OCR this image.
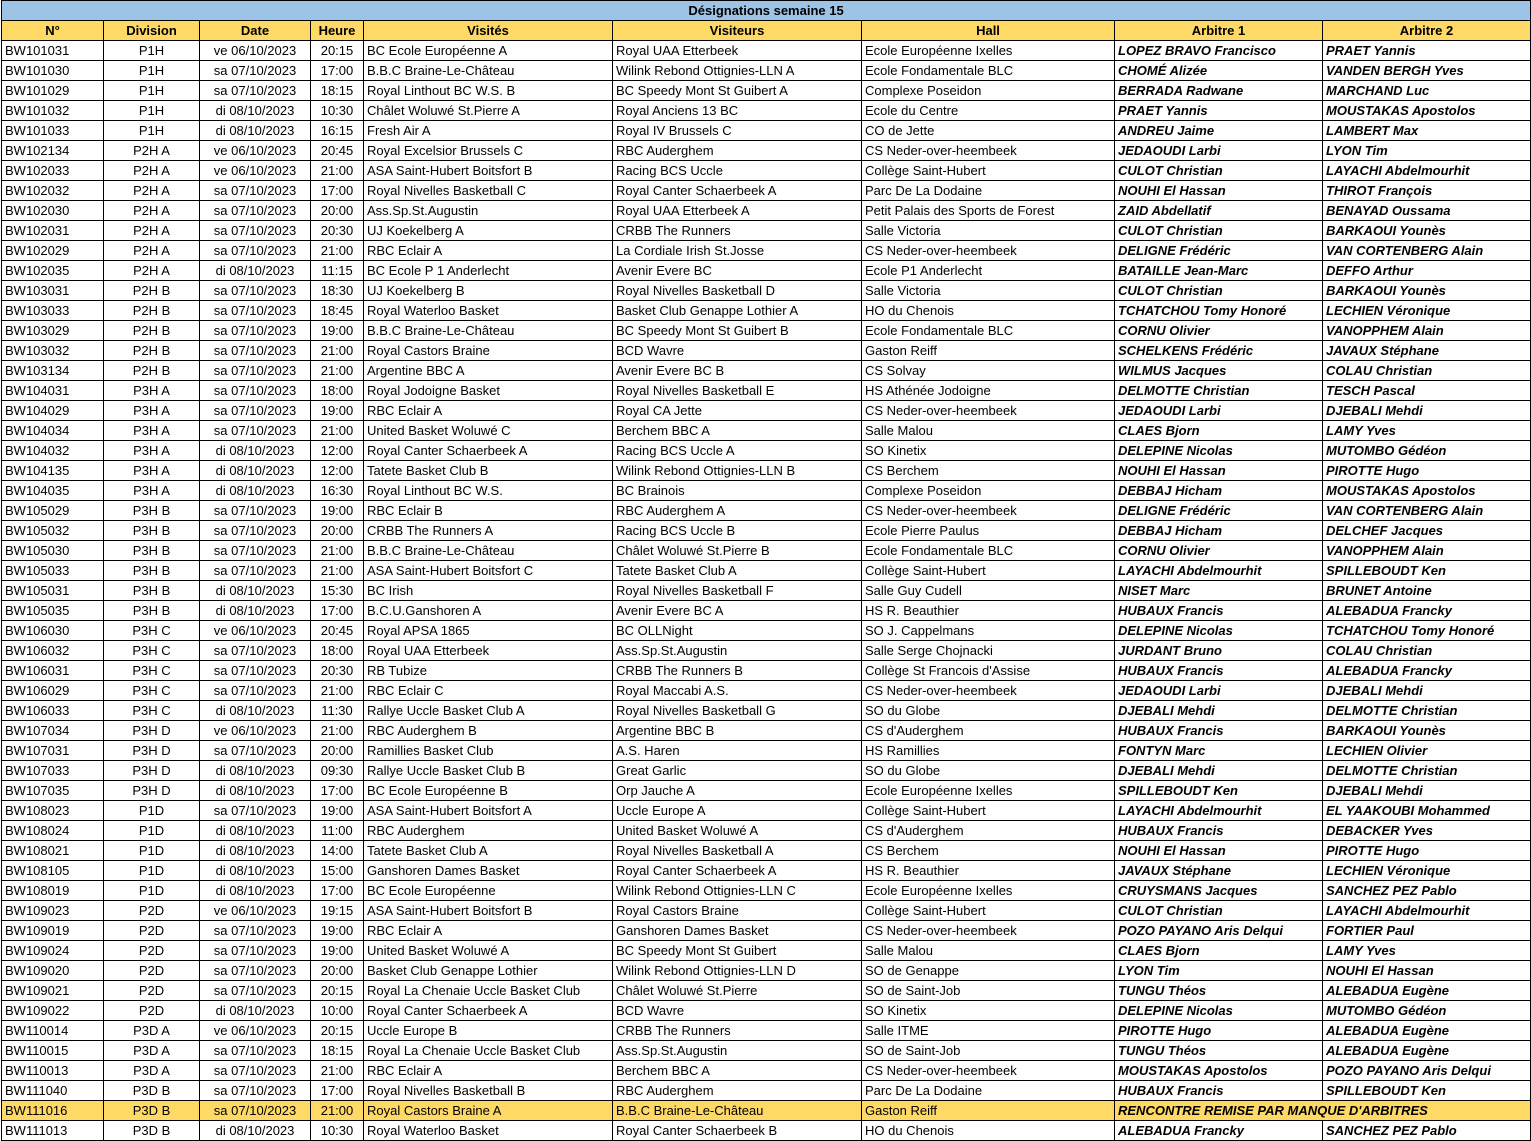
Désignations semaine 15								
N°	Division	Date	Heure	Visités	Visiteurs	Hall	Arbitre 1	Arbitre 2
BW101031	P1H	ve 06/10/2023	20:15	BC Ecole Européenne A	Royal UAA Etterbeek	Ecole Européenne Ixelles	LOPEZ BRAVO Francisco	PRAET Yannis
BW101030	P1H	sa 07/10/2023	17:00	B.B.C Braine-Le-Château	Wilink Rebond Ottignies-LLN A	Ecole Fondamentale BLC	CHOMÉ Alizée	VANDEN BERGH Yves
BW101029	P1H	sa 07/10/2023	18:15	Royal Linthout BC W.S. B	BC Speedy Mont St Guibert A	Complexe Poseidon	BERRADA Radwane	MARCHAND Luc
BW101032	P1H	di 08/10/2023	10:30	Châlet Woluwé St.Pierre A	Royal Anciens 13 BC	Ecole du Centre	PRAET Yannis	MOUSTAKAS Apostolos
BW101033	P1H	di 08/10/2023	16:15	Fresh Air A	Royal IV Brussels C	CO de Jette	ANDREU Jaime	LAMBERT Max
BW102134	P2H A	ve 06/10/2023	20:45	Royal Excelsior Brussels C	RBC Auderghem	CS Neder-over-heembeek	JEDAOUDI Larbi	LYON Tim
BW102033	P2H A	ve 06/10/2023	21:00	ASA Saint-Hubert Boitsfort B	Racing BCS Uccle	Collège Saint-Hubert	CULOT Christian	LAYACHI Abdelmourhit
BW102032	P2H A	sa 07/10/2023	17:00	Royal Nivelles Basketball C	Royal Canter Schaerbeek A	Parc De La Dodaine	NOUHI El Hassan	THIROT François
BW102030	P2H A	sa 07/10/2023	20:00	Ass.Sp.St.Augustin	Royal UAA Etterbeek A	Petit Palais des Sports de Forest	ZAID Abdellatif	BENAYAD Oussama
BW102031	P2H A	sa 07/10/2023	20:30	UJ Koekelberg A	CRBB The Runners	Salle Victoria	CULOT Christian	BARKAOUI Younès
BW102029	P2H A	sa 07/10/2023	21:00	RBC Eclair A	La Cordiale Irish St.Josse	CS Neder-over-heembeek	DELIGNE Frédéric	VAN CORTENBERG Alain
BW102035	P2H A	di 08/10/2023	11:15	BC Ecole P 1 Anderlecht	Avenir Evere BC	Ecole P1 Anderlecht	BATAILLE Jean-Marc	DEFFO Arthur
BW103031	P2H B	sa 07/10/2023	18:30	UJ Koekelberg B	Royal Nivelles Basketball D	Salle Victoria	CULOT Christian	BARKAOUI Younès
BW103033	P2H B	sa 07/10/2023	18:45	Royal Waterloo Basket	Basket Club Genappe Lothier A	HO du Chenois	TCHATCHOU Tomy Honoré	LECHIEN Véronique
BW103029	P2H B	sa 07/10/2023	19:00	B.B.C Braine-Le-Château	BC Speedy Mont St Guibert B	Ecole Fondamentale BLC	CORNU Olivier	VANOPPHEM Alain
BW103032	P2H B	sa 07/10/2023	21:00	Royal Castors Braine	BCD Wavre	Gaston Reiff	SCHELKENS Frédéric	JAVAUX Stéphane
BW103134	P2H B	sa 07/10/2023	21:00	Argentine BBC A	Avenir Evere BC B	CS Solvay	WILMUS Jacques	COLAU Christian
BW104031	P3H A	sa 07/10/2023	18:00	Royal Jodoigne Basket	Royal Nivelles Basketball E	HS Athénée Jodoigne	DELMOTTE Christian	TESCH Pascal
BW104029	P3H A	sa 07/10/2023	19:00	RBC Eclair A	Royal CA Jette	CS Neder-over-heembeek	JEDAOUDI Larbi	DJEBALI Mehdi
BW104034	P3H A	sa 07/10/2023	21:00	United Basket Woluwé C	Berchem BBC A	Salle Malou	CLAES Bjorn	LAMY Yves
BW104032	P3H A	di 08/10/2023	12:00	Royal Canter Schaerbeek A	Racing BCS Uccle A	SO Kinetix	DELEPINE Nicolas	MUTOMBO Gédéon
BW104135	P3H A	di 08/10/2023	12:00	Tatete Basket Club B	Wilink Rebond Ottignies-LLN B	CS Berchem	NOUHI El Hassan	PIROTTE Hugo
BW104035	P3H A	di 08/10/2023	16:30	Royal Linthout BC W.S.	BC Brainois	Complexe Poseidon	DEBBAJ Hicham	MOUSTAKAS Apostolos
BW105029	P3H B	sa 07/10/2023	19:00	RBC Eclair B	RBC Auderghem A	CS Neder-over-heembeek	DELIGNE Frédéric	VAN CORTENBERG Alain
BW105032	P3H B	sa 07/10/2023	20:00	CRBB The Runners A	Racing BCS Uccle B	Ecole Pierre Paulus	DEBBAJ Hicham	DELCHEF Jacques
BW105030	P3H B	sa 07/10/2023	21:00	B.B.C Braine-Le-Château	Châlet Woluwé St.Pierre B	Ecole Fondamentale BLC	CORNU Olivier	VANOPPHEM Alain
BW105033	P3H B	sa 07/10/2023	21:00	ASA Saint-Hubert Boitsfort C	Tatete Basket Club A	Collège Saint-Hubert	LAYACHI Abdelmourhit	SPILLEBOUDT Ken
BW105031	P3H B	di 08/10/2023	15:30	BC Irish	Royal Nivelles Basketball F	Salle Guy Cudell	NISET Marc	BRUNET Antoine
BW105035	P3H B	di 08/10/2023	17:00	B.C.U.Ganshoren A	Avenir Evere BC A	HS R. Beauthier	HUBAUX Francis	ALEBADUA Francky
BW106030	P3H C	ve 06/10/2023	20:45	Royal APSA 1865	BC OLLNight	SO J. Cappelmans	DELEPINE Nicolas	TCHATCHOU Tomy Honoré
BW106032	P3H C	sa 07/10/2023	18:00	Royal UAA Etterbeek	Ass.Sp.St.Augustin	Salle Serge Chojnacki	JURDANT Bruno	COLAU Christian
BW106031	P3H C	sa 07/10/2023	20:30	RB Tubize	CRBB The Runners B	Collège St Francois d'Assise	HUBAUX Francis	ALEBADUA Francky
BW106029	P3H C	sa 07/10/2023	21:00	RBC Eclair C	Royal Maccabi A.S.	CS Neder-over-heembeek	JEDAOUDI Larbi	DJEBALI Mehdi
BW106033	P3H C	di 08/10/2023	11:30	Rallye Uccle Basket Club A	Royal Nivelles Basketball G	SO du Globe	DJEBALI Mehdi	DELMOTTE Christian
BW107034	P3H D	ve 06/10/2023	21:00	RBC Auderghem B	Argentine BBC B	CS d'Auderghem	HUBAUX Francis	BARKAOUI Younès
BW107031	P3H D	sa 07/10/2023	20:00	Ramillies Basket Club	A.S. Haren	HS Ramillies	FONTYN Marc	LECHIEN Olivier
BW107033	P3H D	di 08/10/2023	09:30	Rallye Uccle Basket Club B	Great Garlic	SO du Globe	DJEBALI Mehdi	DELMOTTE Christian
BW107035	P3H D	di 08/10/2023	17:00	BC Ecole Européenne B	Orp Jauche A	Ecole Européenne Ixelles	SPILLEBOUDT Ken	DJEBALI Mehdi
BW108023	P1D	sa 07/10/2023	19:00	ASA Saint-Hubert Boitsfort A	Uccle Europe A	Collège Saint-Hubert	LAYACHI Abdelmourhit	EL YAAKOUBI Mohammed
BW108024	P1D	di 08/10/2023	11:00	RBC Auderghem	United Basket Woluwé A	CS d'Auderghem	HUBAUX Francis	DEBACKER Yves
BW108021	P1D	di 08/10/2023	14:00	Tatete Basket Club A	Royal Nivelles Basketball A	CS Berchem	NOUHI El Hassan	PIROTTE Hugo
BW108105	P1D	di 08/10/2023	15:00	Ganshoren Dames Basket	Royal Canter Schaerbeek A	HS R. Beauthier	JAVAUX Stéphane	LECHIEN Véronique
BW108019	P1D	di 08/10/2023	17:00	BC Ecole Européenne	Wilink Rebond Ottignies-LLN C	Ecole Européenne Ixelles	CRUYSMANS Jacques	SANCHEZ PEZ Pablo
BW109023	P2D	ve 06/10/2023	19:15	ASA Saint-Hubert Boitsfort B	Royal Castors Braine	Collège Saint-Hubert	CULOT Christian	LAYACHI Abdelmourhit
BW109019	P2D	sa 07/10/2023	19:00	RBC Eclair A	Ganshoren Dames Basket	CS Neder-over-heembeek	POZO PAYANO Aris Delqui	FORTIER Paul
BW109024	P2D	sa 07/10/2023	19:00	United Basket Woluwé A	BC Speedy Mont St Guibert	Salle Malou	CLAES Bjorn	LAMY Yves
BW109020	P2D	sa 07/10/2023	20:00	Basket Club Genappe Lothier	Wilink Rebond Ottignies-LLN D	SO de Genappe	LYON Tim	NOUHI El Hassan
BW109021	P2D	sa 07/10/2023	20:15	Royal La Chenaie Uccle Basket Club	Châlet Woluwé St.Pierre	SO de Saint-Job	TUNGU Théos	ALEBADUA Eugène
BW109022	P2D	di 08/10/2023	10:00	Royal Canter Schaerbeek A	BCD Wavre	SO Kinetix	DELEPINE Nicolas	MUTOMBO Gédéon
BW110014	P3D A	ve 06/10/2023	20:15	Uccle Europe B	CRBB The Runners	Salle ITME	PIROTTE Hugo	ALEBADUA Eugène
BW110015	P3D A	sa 07/10/2023	18:15	Royal La Chenaie Uccle Basket Club	Ass.Sp.St.Augustin	SO de Saint-Job	TUNGU Théos	ALEBADUA Eugène
BW110013	P3D A	sa 07/10/2023	21:00	RBC Eclair A	Berchem BBC A	CS Neder-over-heembeek	MOUSTAKAS Apostolos	POZO PAYANO Aris Delqui
BW111040	P3D B	sa 07/10/2023	17:00	Royal Nivelles Basketball B	RBC Auderghem	Parc De La Dodaine	HUBAUX Francis	SPILLEBOUDT Ken
BW111016	P3D B	sa 07/10/2023	21:00	Royal Castors Braine A	B.B.C Braine-Le-Château	Gaston Reiff	RENCONTRE REMISE PAR MANQUE D'ARBITRES	
BW111013	P3D B	di 08/10/2023	10:30	Royal Waterloo Basket	Royal Canter Schaerbeek B	HO du Chenois	ALEBADUA Francky	SANCHEZ PEZ Pablo
